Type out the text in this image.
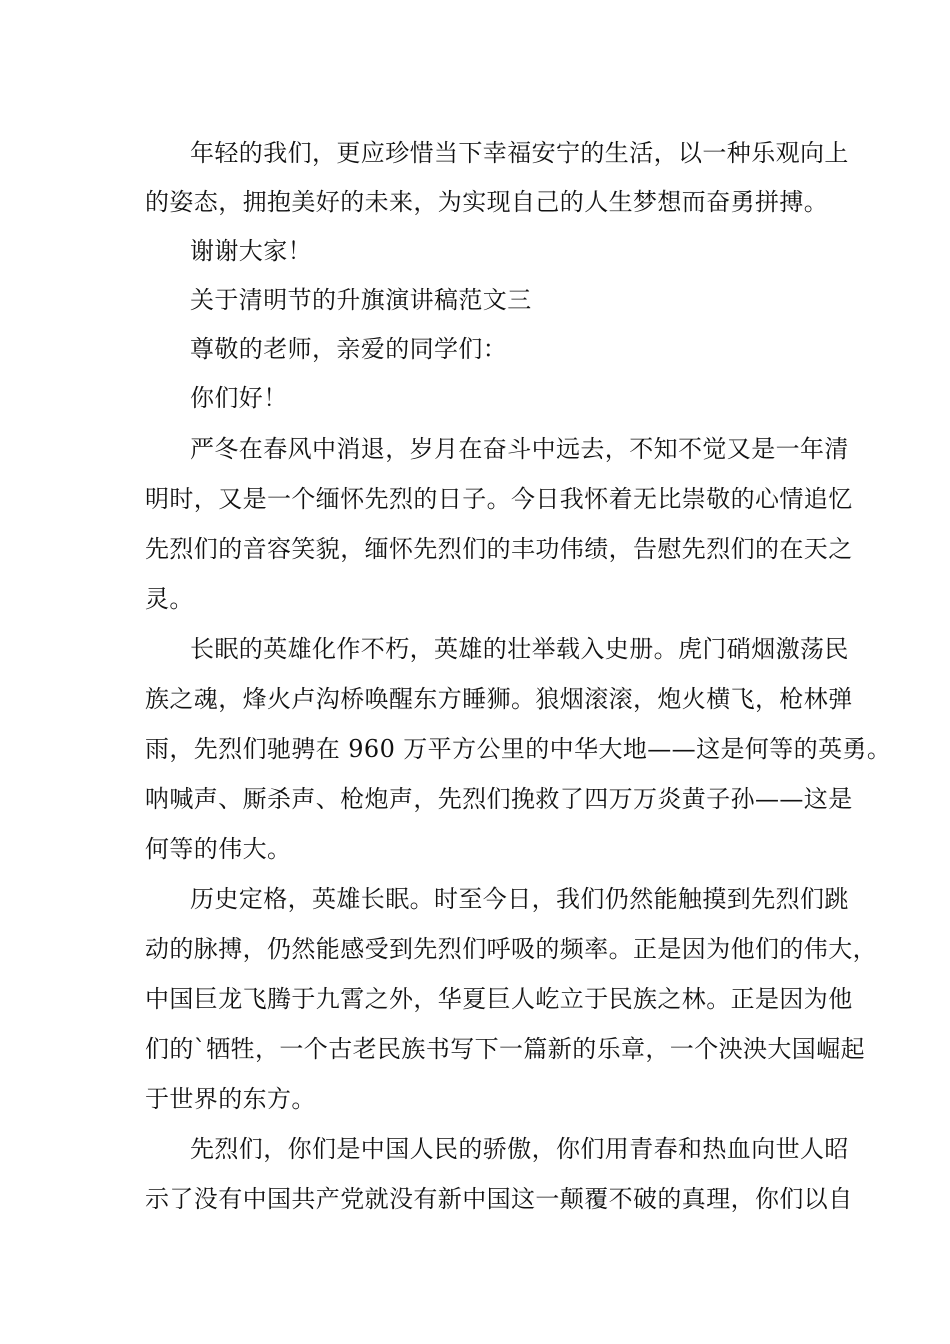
年轻的我们，更应珍惜当下幸福安宁的生活，以一种乐观向上
的姿态，拥抱美好的未来，为实现自己的人生梦想而奋勇拼搏。
谢谢大家！
关于清明节的升旗演讲稿范文三
尊敬的老师，亲爱的同学们：
你们好！
严冬在春风中消退，岁月在奋斗中远去，不知不觉又是一年清
明时，又是一个缅怀先烈的日子。今日我怀着无比崇敬的心情追忆
先烈们的音容笑貌，缅怀先烈们的丰功伟绩，告慰先烈们的在天之
灵。
长眠的英雄化作不朽，英雄的壮举载入史册。虎门硝烟激荡民
族之魂，烽火卢沟桥唤醒东方睡狮。狼烟滚滚，炮火横飞，枪林弹
雨，先烈们驰骋在 960 万平方公里的中华大地——这是何等的英勇。
呐喊声、厮杀声、枪炮声，先烈们挽救了四万万炎黄子孙——这是
何等的伟大。
历史定格，英雄长眠。时至今日，我们仍然能触摸到先烈们跳
动的脉搏，仍然能感受到先烈们呼吸的频率。正是因为他们的伟大，
中国巨龙飞腾于九霄之外，华夏巨人屹立于民族之林。正是因为他
们的`牺牲，一个古老民族书写下一篇新的乐章，一个泱泱大国崛起
于世界的东方。
先烈们，你们是中国人民的骄傲，你们用青春和热血向世人昭
示了没有中国共产党就没有新中国这一颠覆不破的真理，你们以自
